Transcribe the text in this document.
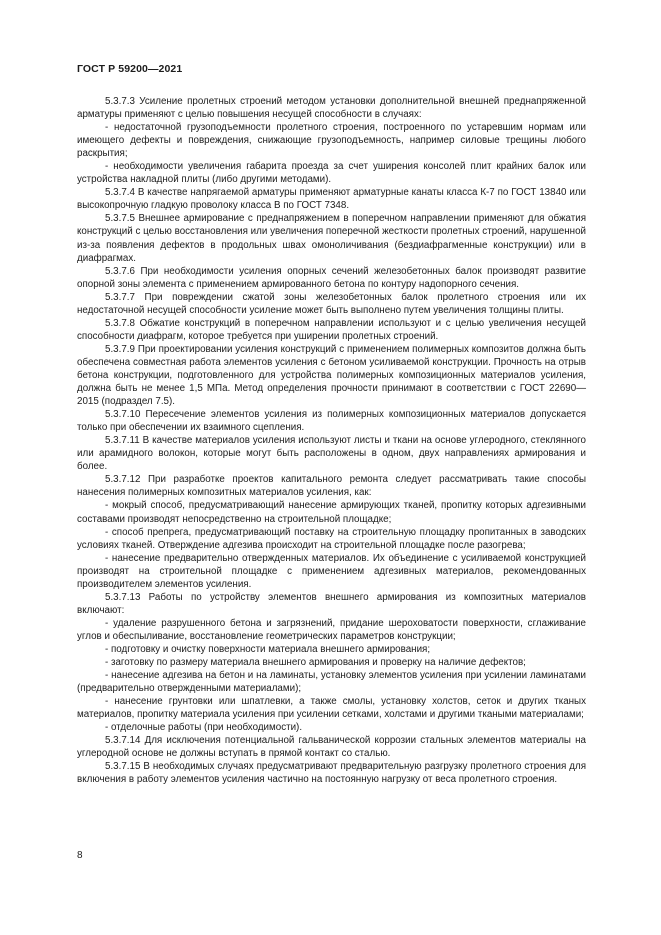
ГОСТ Р 59200—2021

5.3.7.3 Усиление пролетных строений методом установки дополнительной внешней преднапряженной арматуры применяют с целью повышения несущей способности в случаях:

- недостаточной грузоподъемности пролетного строения, построенного по устаревшим нормам или имеющего дефекты и повреждения, снижающие грузоподъемность, например силовые трещины любого раскрытия;

- необходимости увеличения габарита проезда за счет уширения консолей плит крайних балок или устройства накладной плиты (либо другими методами).

5.3.7.4 В качестве напрягаемой арматуры применяют арматурные канаты класса К-7 по ГОСТ 13840 или высокопрочную гладкую проволоку класса В по ГОСТ 7348.

5.3.7.5 Внешнее армирование с преднапряжением в поперечном направлении применяют для обжатия конструкций с целью восстановления или увеличения поперечной жесткости пролетных строений, нарушенной из-за появления дефектов в продольных швах омоноличивания (бездиафрагменные конструкции) или в диафрагмах.

5.3.7.6 При необходимости усиления опорных сечений железобетонных балок производят развитие опорной зоны элемента с применением армированного бетона по контуру надопорного сечения.

5.3.7.7 При повреждении сжатой зоны железобетонных балок пролетного строения или их недостаточной несущей способности усиление может быть выполнено путем увеличения толщины плиты.

5.3.7.8 Обжатие конструкций в поперечном направлении используют и с целью увеличения несущей способности диафрагм, которое требуется при уширении пролетных строений.

5.3.7.9 При проектировании усиления конструкций с применением полимерных композитов должна быть обеспечена совместная работа элементов усиления с бетоном усиливаемой конструкции. Прочность на отрыв бетона конструкции, подготовленного для устройства полимерных композиционных материалов усиления, должна быть не менее 1,5 МПа. Метод определения прочности принимают в соответствии с ГОСТ 22690—2015 (подраздел 7.5).

5.3.7.10 Пересечение элементов усиления из полимерных композиционных материалов допускается только при обеспечении их взаимного сцепления.

5.3.7.11 В качестве материалов усиления используют листы и ткани на основе углеродного, стеклянного или арамидного волокон, которые могут быть расположены в одном, двух направлениях армирования и более.

5.3.7.12 При разработке проектов капитального ремонта следует рассматривать такие способы нанесения полимерных композитных материалов усиления, как:

- мокрый способ, предусматривающий нанесение армирующих тканей, пропитку которых адгезивными составами производят непосредственно на строительной площадке;

- способ препрега, предусматривающий поставку на строительную площадку пропитанных в заводских условиях тканей. Отверждение адгезива происходит на строительной площадке после разогрева;

- нанесение предварительно отвержденных материалов. Их объединение с усиливаемой конструкцией производят на строительной площадке с применением адгезивных материалов, рекомендованных производителем элементов усиления.

5.3.7.13 Работы по устройству элементов внешнего армирования из композитных материалов включают:

- удаление разрушенного бетона и загрязнений, придание шероховатости поверхности, сглаживание углов и обеспыливание, восстановление геометрических параметров конструкции;

- подготовку и очистку поверхности материала внешнего армирования;

- заготовку по размеру материала внешнего армирования и проверку на наличие дефектов;

- нанесение адгезива на бетон и на ламинаты, установку элементов усиления при усилении ламинатами (предварительно отвержденными материалами);

- нанесение грунтовки или шпатлевки, а также смолы, установку холстов, сеток и других тканых материалов, пропитку материала усиления при усилении сетками, холстами и другими ткаными материалами;

- отделочные работы (при необходимости).

5.3.7.14 Для исключения потенциальной гальванической коррозии стальных элементов материалы на углеродной основе не должны вступать в прямой контакт со сталью.

5.3.7.15 В необходимых случаях предусматривают предварительную разгрузку пролетного строения для включения в работу элементов усиления частично на постоянную нагрузку от веса пролетного строения.

8
